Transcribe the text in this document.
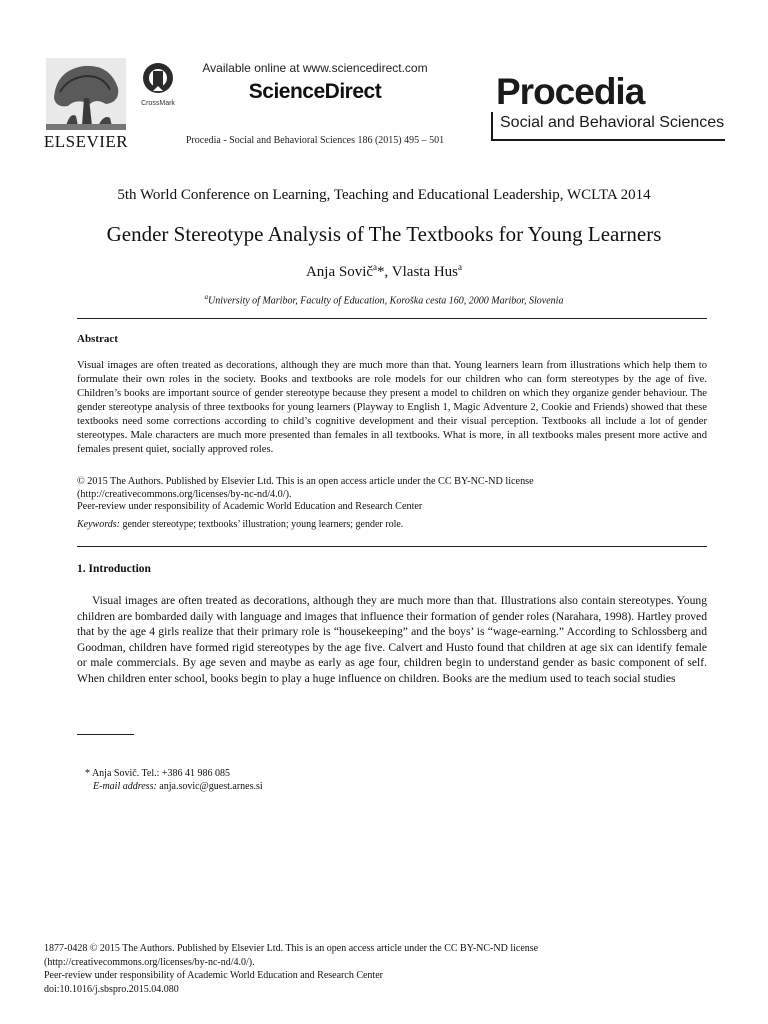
ELSEVIER
CrossMark
Available online at www.sciencedirect.com
ScienceDirect
Procedia - Social and Behavioral Sciences 186 (2015) 495 – 501
Procedia
Social and Behavioral Sciences
5th World Conference on Learning, Teaching and Educational Leadership, WCLTA 2014
Gender Stereotype Analysis of The Textbooks for Young Learners
Anja Sovič$^a$*, Vlasta Hus$^a$
$^a$University of Maribor, Faculty of Education, Koroška cesta 160, 2000 Maribor, Slovenia
Abstract
Visual images are often treated as decorations, although they are much more than that. Young learners learn from illustrations which help them to formulate their own roles in the society. Books and textbooks are role models for our children who can form stereotypes by the age of five. Children’s books are important source of gender stereotype because they present a model to children on which they organize gender behaviour. The gender stereotype analysis of three textbooks for young learners (Playway to English 1, Magic Adventure 2, Cookie and Friends) showed that these textbooks need some corrections according to child’s cognitive development and their visual perception. Textbooks all include a lot of gender stereotypes. Male characters are much more presented than females in all textbooks. What is more, in all textbooks males present more active and females present quiet, socially approved roles.
© 2015 The Authors. Published by Elsevier Ltd. This is an open access article under the CC BY-NC-ND license
(http://creativecommons.org/licenses/by-nc-nd/4.0/).
Peer-review under responsibility of Academic World Education and Research Center
Keywords: gender stereotype; textbooks’ illustration; young learners; gender role.
1. Introduction
Visual images are often treated as decorations, although they are much more than that. Illustrations also contain stereotypes. Young children are bombarded daily with language and images that influence their formation of gender roles (Narahara, 1998). Hartley proved that by the age 4 girls realize that their primary role is “housekeeping” and the boys’ is “wage-earning.” According to Schlossberg and Goodman, children have formed rigid stereotypes by the age five. Calvert and Husto found that children at age six can identify female or male commercials. By age seven and maybe as early as age four, children begin to understand gender as basic component of self. When children enter school, books begin to play a huge influence on children. Books are the medium used to teach social studies
* Anja Sovič. Tel.: +386 41 986 085
E-mail address: anja.sovic@guest.arnes.si
1877-0428 © 2015 The Authors. Published by Elsevier Ltd. This is an open access article under the CC BY-NC-ND license
(http://creativecommons.org/licenses/by-nc-nd/4.0/).
Peer-review under responsibility of Academic World Education and Research Center
doi:10.1016/j.sbspro.2015.04.080
